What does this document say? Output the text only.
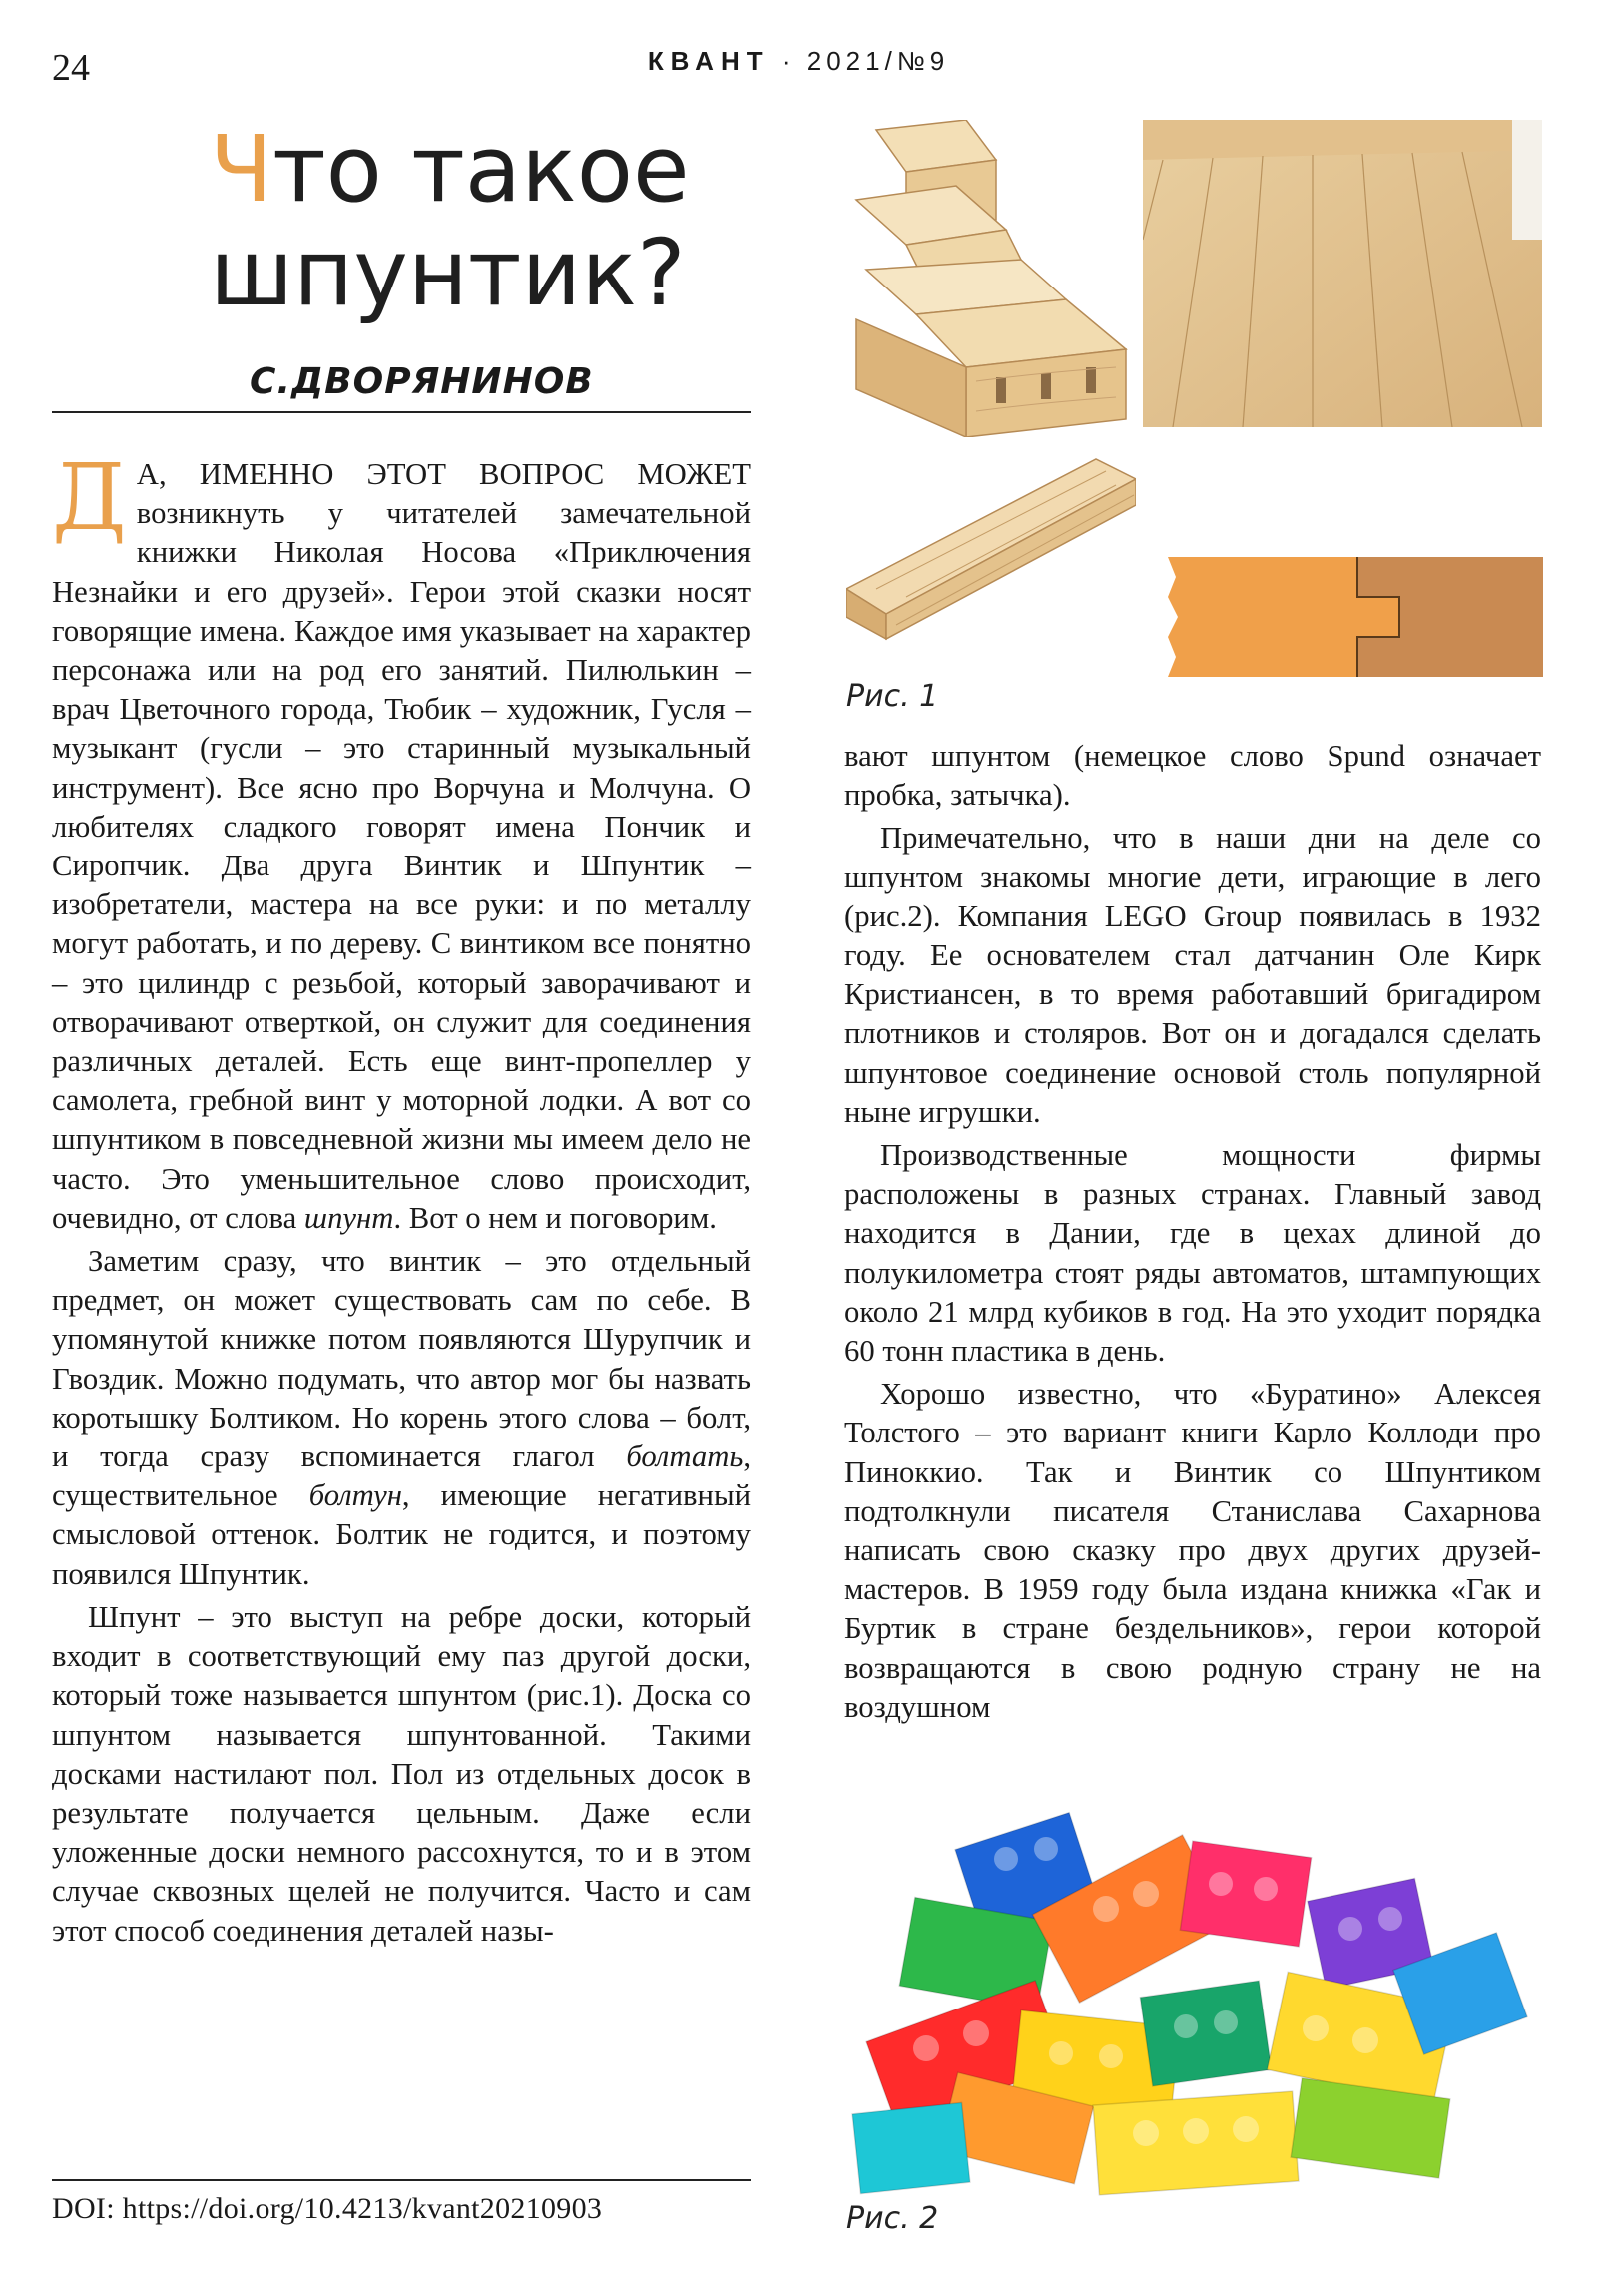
24	КВАНТ · 2021/№9
Что такое
шпунтик?
С.ДВОРЯНИНОВ

Д А, ИМЕННО ЭТОТ ВОПРОС МОЖЕТ возникнуть у читателей замечательной книжки Николая Носова «Приключения Незнайки и его друзей». Герои этой сказки носят говорящие имена. Каждое имя указывает на характер персонажа или на род его занятий. Пилюлькин – врач Цветочного города, Тюбик – художник, Гусля – музыкант (гусли – это старинный музыкальный инструмент). Все ясно про Ворчуна и Молчуна. О любителях сладкого говорят имена Пончик и Сиропчик. Два друга Винтик и Шпунтик – изобретатели, мастера на все руки: и по металлу могут работать, и по дереву. С винтиком все понятно – это цилиндр с резьбой, который заворачивают и отворачивают отверткой, он служит для соединения различных деталей. Есть еще винт-пропеллер у самолета, гребной винт у моторной лодки. А вот со шпунтиком в повседневной жизни мы имеем дело не часто. Это уменьшительное слово происходит, очевидно, от слова шпунт. Вот о нем и поговорим.

Заметим сразу, что винтик – это отдельный предмет, он может существовать сам по себе. В упомянутой книжке потом появляются Шурупчик и Гвоздик. Можно подумать, что автор мог бы назвать коротышку Болтиком. Но корень этого слова – болт, и тогда сразу вспоминается глагол болтать, существительное болтун, имеющие негативный смысловой оттенок. Болтик не годится, и поэтому появился Шпунтик.

Шпунт – это выступ на ребре доски, который входит в соответствующий ему паз другой доски, который тоже называется шпунтом (рис.1). Доска со шпунтом называется шпунтованной. Такими досками настилают пол. Пол из отдельных досок в результате получается цельным. Даже если уложенные доски немного рассохнутся, то и в этом случае сквозных щелей не получится. Часто и сам этот способ соединения деталей назы-

вают шпунтом (немецкое слово Spund означает пробка, затычка).

Примечательно, что в наши дни на деле со шпунтом знакомы многие дети, играющие в лего (рис.2). Компания LEGO Group появилась в 1932 году. Ее основателем стал датчанин Оле Кирк Кристиансен, в то время работавший бригадиром плотников и столяров. Вот он и догадался сделать шпунтовое соединение основой столь популярной ныне игрушки.

Производственные мощности фирмы расположены в разных странах. Главный завод находится в Дании, где в цехах длиной до полукилометра стоят ряды автоматов, штампующих около 21 млрд кубиков в год. На это уходит порядка 60 тонн пластика в день.

Хорошо известно, что «Буратино» Алексея Толстого – это вариант книги Карло Коллоди про Пиноккио. Так и Винтик со Шпунтиком подтолкнули писателя Станислава Сахарнова написать свою сказку про двух других друзей-мастеров. В 1959 году была издана книжка «Гак и Буртик в стране бездельников», герои которой возвращаются в свою родную страну не на воздушном

Рис. 1
Рис. 2
DOI: https://doi.org/10.4213/kvant20210903
